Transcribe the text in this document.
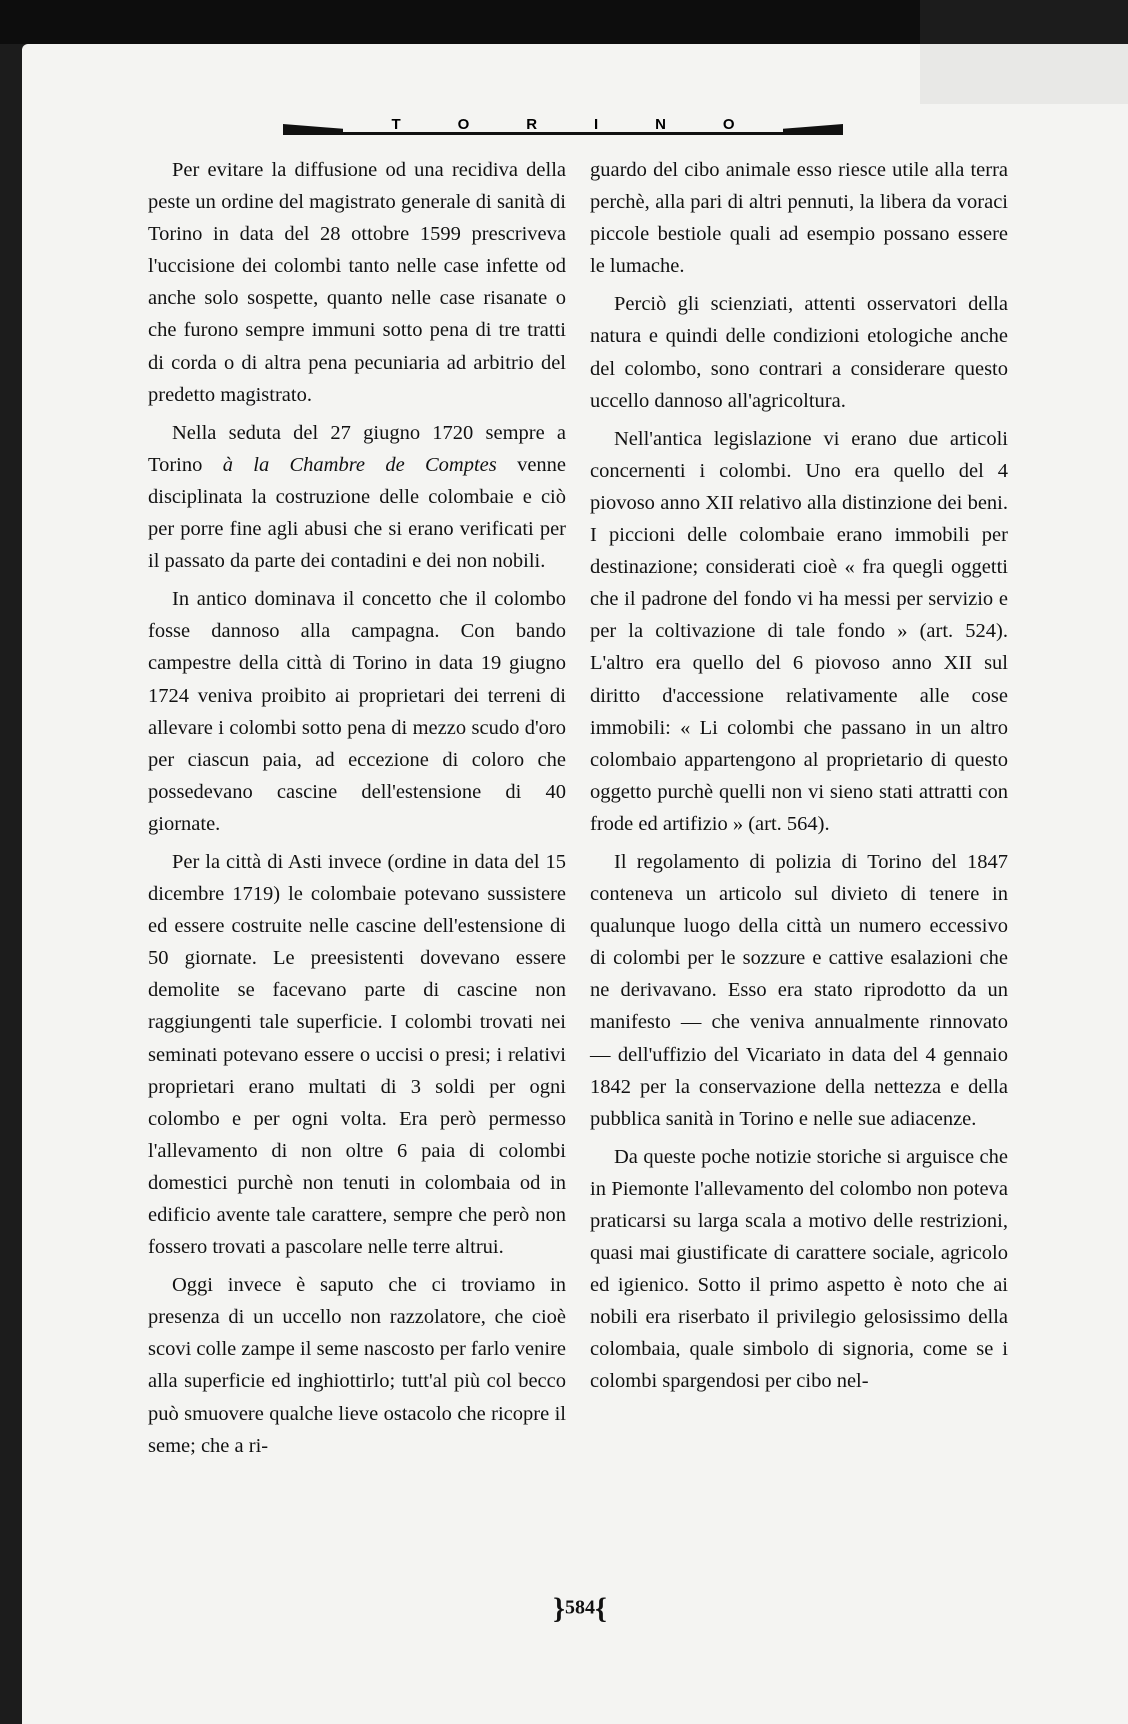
T	O	R	I	N	O

Per evitare la diffusione od una recidiva della peste un ordine del magistrato generale di sanità di Torino in data del 28 ottobre 1599 prescriveva l'uccisione dei colombi tanto nelle case infette od anche solo sospette, quanto nelle case risanate o che furono sempre immuni sotto pena di tre tratti di corda o di altra pena pecuniaria ad arbitrio del predetto magistrato.

Nella seduta del 27 giugno 1720 sempre a Torino à la Chambre de Comptes venne disciplinata la costruzione delle colombaie e ciò per porre fine agli abusi che si erano verificati per il passato da parte dei contadini e dei non nobili.

In antico dominava il concetto che il colombo fosse dannoso alla campagna. Con bando campestre della città di Torino in data 19 giugno 1724 veniva proibito ai proprietari dei terreni di allevare i colombi sotto pena di mezzo scudo d'oro per ciascun paia, ad eccezione di coloro che possedevano cascine dell'estensione di 40 giornate.

Per la città di Asti invece (ordine in data del 15 dicembre 1719) le colombaie potevano sussistere ed essere costruite nelle cascine dell'estensione di 50 giornate. Le preesistenti dovevano essere demolite se facevano parte di cascine non raggiungenti tale superficie. I colombi trovati nei seminati potevano essere o uccisi o presi; i relativi proprietari erano multati di 3 soldi per ogni colombo e per ogni volta. Era però permesso l'allevamento di non oltre 6 paia di colombi domestici purchè non tenuti in colombaia od in edificio avente tale carattere, sempre che però non fossero trovati a pascolare nelle terre altrui.

Oggi invece è saputo che ci troviamo in presenza di un uccello non razzolatore, che cioè scovi colle zampe il seme nascosto per farlo venire alla superficie ed inghiottirlo; tutt'al più col becco può smuovere qualche lieve ostacolo che ricopre il seme; che a ri-

guardo del cibo animale esso riesce utile alla terra perchè, alla pari di altri pennuti, la libera da voraci piccole bestiole quali ad esempio possano essere le lumache.

Perciò gli scienziati, attenti osservatori della natura e quindi delle condizioni etologiche anche del colombo, sono contrari a considerare questo uccello dannoso all'agricoltura.

Nell'antica legislazione vi erano due articoli concernenti i colombi. Uno era quello del 4 piovoso anno XII relativo alla distinzione dei beni. I piccioni delle colombaie erano immobili per destinazione; considerati cioè « fra quegli oggetti che il padrone del fondo vi ha messi per servizio e per la coltivazione di tale fondo » (art. 524). L'altro era quello del 6 piovoso anno XII sul diritto d'accessione relativamente alle cose immobili: « Li colombi che passano in un altro colombaio appartengono al proprietario di questo oggetto purchè quelli non vi sieno stati attratti con frode ed artifizio » (art. 564).

Il regolamento di polizia di Torino del 1847 conteneva un articolo sul divieto di tenere in qualunque luogo della città un numero eccessivo di colombi per le sozzure e cattive esalazioni che ne derivavano. Esso era stato riprodotto da un manifesto — che veniva annualmente rinnovato — dell'uffizio del Vicariato in data del 4 gennaio 1842 per la conservazione della nettezza e della pubblica sanità in Torino e nelle sue adiacenze.

Da queste poche notizie storiche si arguisce che in Piemonte l'allevamento del colombo non poteva praticarsi su larga scala a motivo delle restrizioni, quasi mai giustificate di carattere sociale, agricolo ed igienico. Sotto il primo aspetto è noto che ai nobili era riserbato il privilegio gelosissimo della colombaia, quale simbolo di signoria, come se i colombi spargendosi per cibo nel-

}584{
